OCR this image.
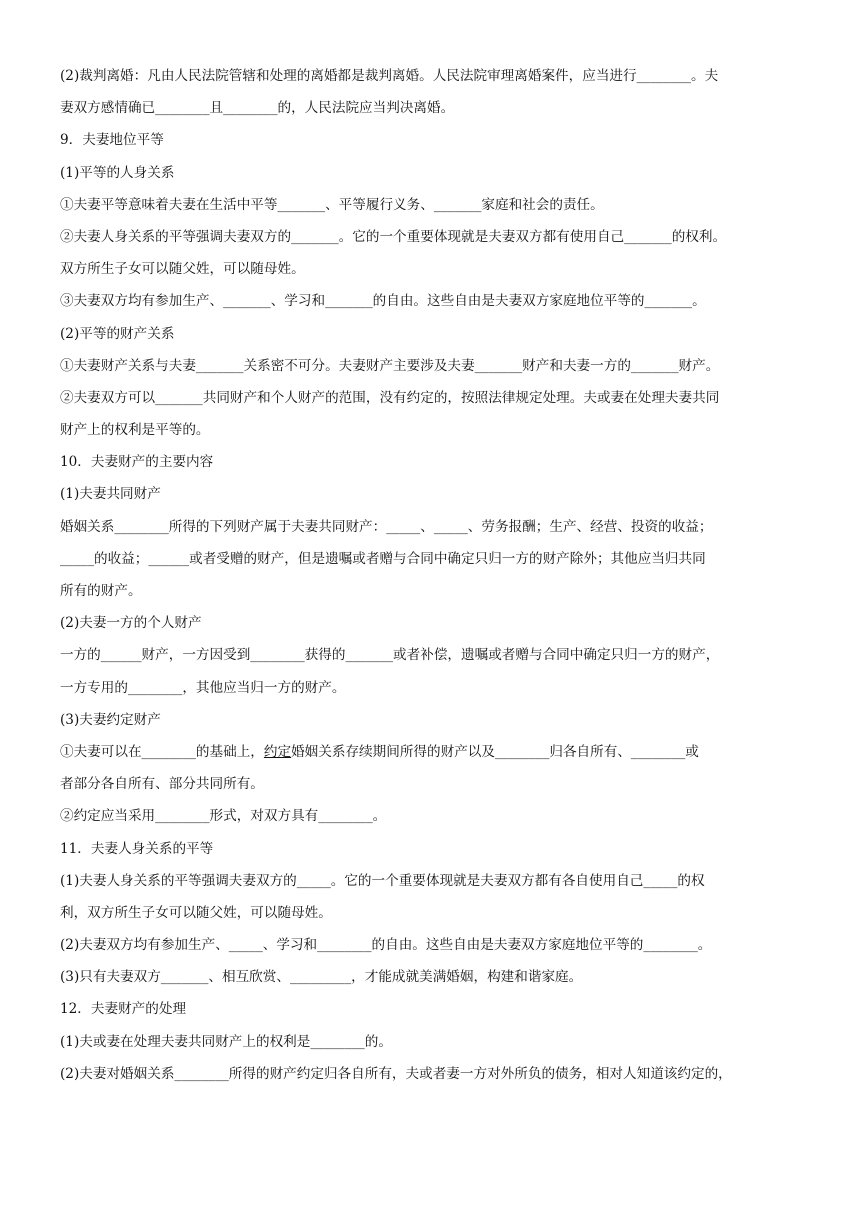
(2)裁判离婚：凡由人民法院管辖和处理的离婚都是裁判离婚。人民法院审理离婚案件，应当进行________。夫
妻双方感情确已________且________的，人民法院应当判决离婚。
9．夫妻地位平等
(1)平等的人身关系
①夫妻平等意味着夫妻在生活中平等_______、平等履行义务、_______家庭和社会的责任。
②夫妻人身关系的平等强调夫妻双方的_______。它的一个重要体现就是夫妻双方都有使用自己_______的权利。
双方所生子女可以随父姓，可以随母姓。
③夫妻双方均有参加生产、_______、学习和_______的自由。这些自由是夫妻双方家庭地位平等的_______。
(2)平等的财产关系
①夫妻财产关系与夫妻_______关系密不可分。夫妻财产主要涉及夫妻_______财产和夫妻一方的_______财产。
②夫妻双方可以_______共同财产和个人财产的范围，没有约定的，按照法律规定处理。夫或妻在处理夫妻共同
财产上的权利是平等的。
10．夫妻财产的主要内容
(1)夫妻共同财产
婚姻关系________所得的下列财产属于夫妻共同财产：_____、_____、劳务报酬；生产、经营、投资的收益；
_____的收益；______或者受赠的财产，但是遗嘱或者赠与合同中确定只归一方的财产除外；其他应当归共同
所有的财产。
(2)夫妻一方的个人财产
一方的______财产，一方因受到________获得的_______或者补偿，遗嘱或者赠与合同中确定只归一方的财产，
一方专用的________，其他应当归一方的财产。
(3)夫妻约定财产
①夫妻可以在________的基础上，约定婚姻关系存续期间所得的财产以及________归各自所有、________或
者部分各自所有、部分共同所有。
②约定应当采用________形式，对双方具有________。
11．夫妻人身关系的平等
(1)夫妻人身关系的平等强调夫妻双方的_____。它的一个重要体现就是夫妻双方都有各自使用自己_____的权
利，双方所生子女可以随父姓，可以随母姓。
(2)夫妻双方均有参加生产、_____、学习和________的自由。这些自由是夫妻双方家庭地位平等的________。
(3)只有夫妻双方_______、相互欣赏、_________，才能成就美满婚姻，构建和谐家庭。
12．夫妻财产的处理
(1)夫或妻在处理夫妻共同财产上的权利是________的。
(2)夫妻对婚姻关系________所得的财产约定归各自所有，夫或者妻一方对外所负的债务，相对人知道该约定的，
